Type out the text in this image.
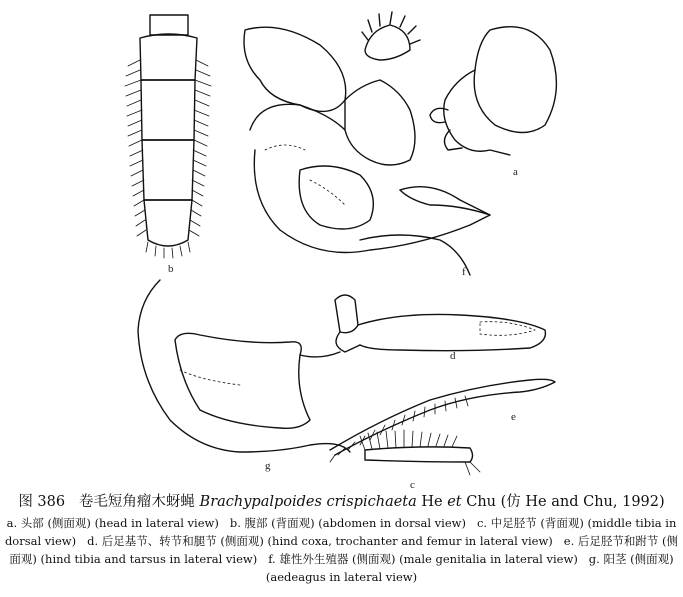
a
b
c
d
e
f
g
图 386 卷毛短角瘤木蚜蝇 Brachypalpoides crispichaeta He et Chu (仿 He and Chu, 1992)
a. 头部 (侧面观) (head in lateral view) b. 腹部 (背面观) (abdomen in dorsal view) c. 中足胫节 (背面观) (middle tibia in dorsal view) d. 后足基节、转节和腿节 (侧面观) (hind coxa, trochanter and femur in lateral view) e. 后足胫节和跗节 (侧面观) (hind tibia and tarsus in lateral view) f. 雄性外生殖器 (侧面观) (male genitalia in lateral view) g. 阳茎 (侧面观) (aedeagus in lateral view)
